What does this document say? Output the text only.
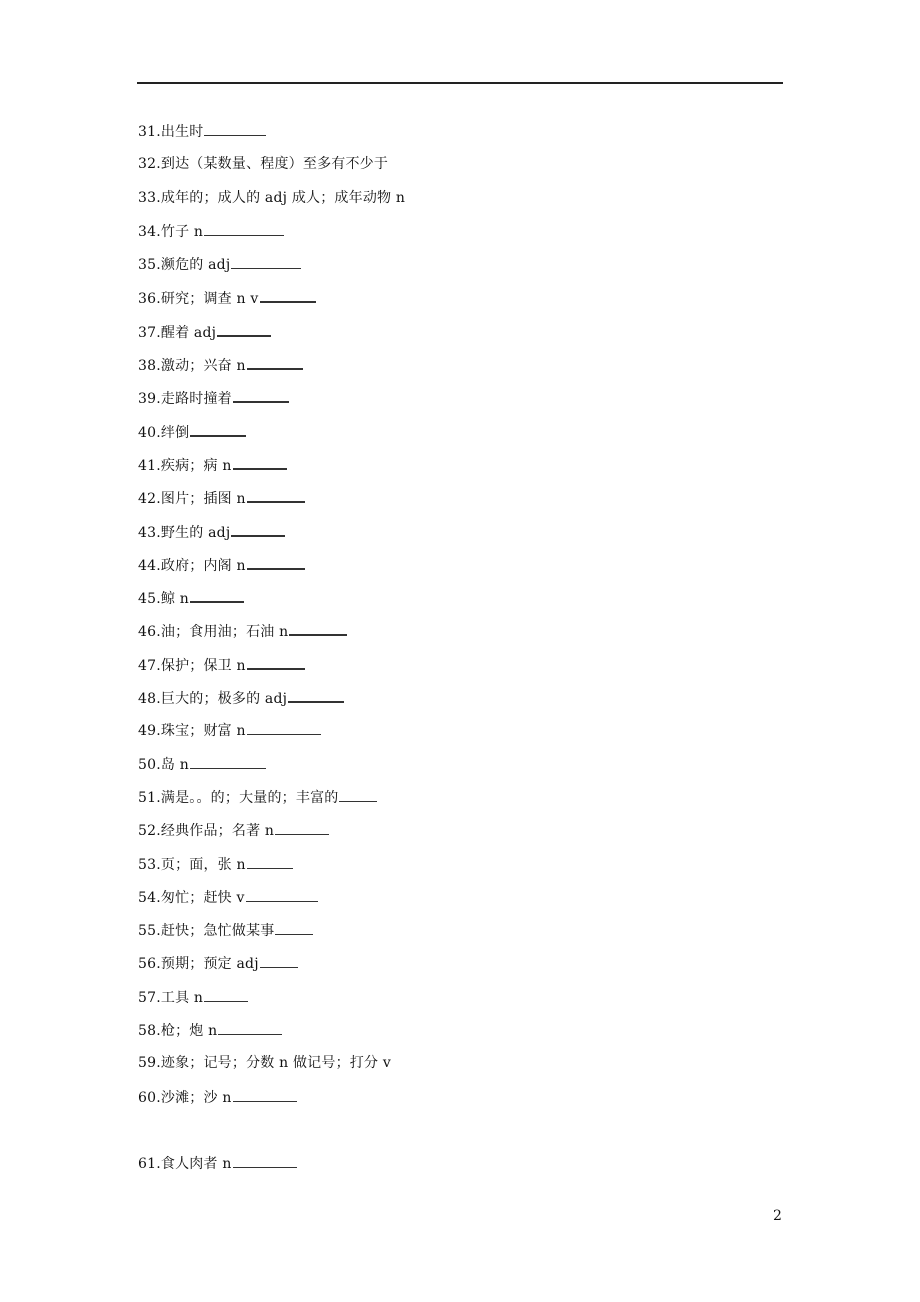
31.出生时
32.到达（某数量、程度）至多有不少于
33.成年的；成人的 adj 成人；成年动物 n
34.竹子 n
35.濒危的 adj
36.研究；调查 n v
37.醒着 adj
38.激动；兴奋 n
39.走路时撞着
40.绊倒
41.疾病；病 n
42.图片；插图 n
43.野生的 adj
44.政府；内阁 n
45.鲸 n
46.油；食用油；石油 n
47.保护；保卫 n
48.巨大的；极多的 adj
49.珠宝；财富 n
50.岛 n
51.满是。。的；大量的；丰富的
52.经典作品；名著 n
53.页；面，张 n
54.匆忙；赶快 v
55.赶快；急忙做某事
56.预期；预定 adj
57.工具 n
58.枪；炮 n
59.迹象；记号；分数 n 做记号；打分 v
60.沙滩；沙 n
61.食人肉者 n
2
